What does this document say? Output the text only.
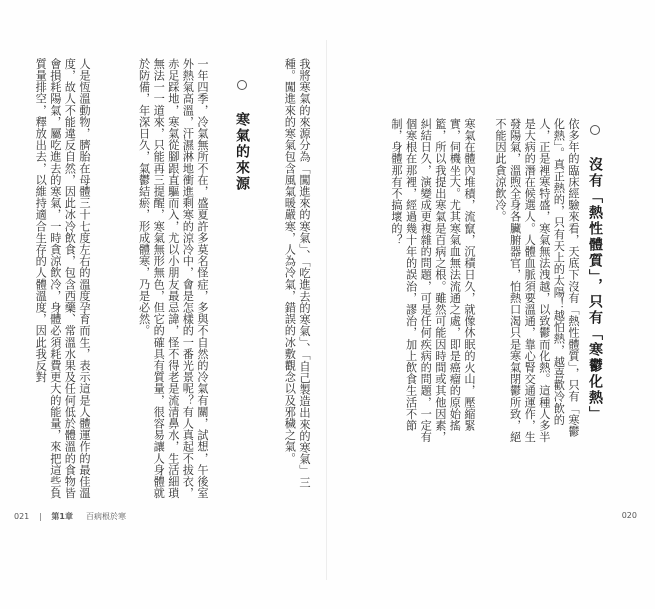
寒氣的來源	我將寒氣的來源分為「闖進來的寒氣」、「吃進去的寒氣」、「自己製造出來的寒氣」三種。闖進來的寒氣包含風氣暖嚴寒，人為冷氣，錯誤的冰敷觀念以及邪穢之氣。
一年四季，冷氣無所不在，盛夏許多莫名怪症，多與不自然的冷氣有關，試想，午後室外熱氣高溫，汗濕淋地衝進剩寒的涼冷中，會是怎樣的一番光景呢？有人真起不拔衣，赤足踩地，寒氣從腳跟直驅而入，尤以小朋友最忌諱，怪不得老是流清鼻水，生活細瑣無法一一道來，只能再三提醒，寒氣無形無色，但它的確具有質量，很容易讓人身體就於防備，年深日久，氣鬱結瘀，形成體寒，乃是必然。
人是恆溫動物，臍胎在母體三十七度左右的溫度孕育而生，表示這是人體運作的最佳溫度，故人不能違反自然，因此冰冷飲食，包含西藥、常溫水果及任何低於體溫的食物皆會損耗陽氣，屬吃進去的寒氣，一時貪涼飲冷，身體必須耗費更大的能量，來把這些負質量排空，釋放出去，以維持適合生存的人體溫度，因此我反對
021	第1章 百病根於寒
沒有「熱性體質」，只有「寒鬱化熱」
依多年的臨床經驗來看，天底下沒有「熱性體質」，只有「寒鬱化熱」。真正熱的，只有天上的太陽！越怕熱，越喜歡冷飲的人，正是裡寒特盛，寒氣無法洩越，以致鬱而化熱。這種人多半是大病的潛在候選人。人體血脈須要溫通，靠心腎交通運作，生發陽氣，溫煦全身各臟腑器官，怕熱口渴只是寒氣閉鬱所致，絕不能因此貪涼飲冷。
寒氣在體內堆積，流竄，沉積日久，就像休眠的火山，壓縮緊實，伺機坐大。尤其寒氣血無法流通之處，即是癌瘤的原始搖籃，所以我提出寒氣是百病之根。雖然可能因時間或其他因素，糾結日久，演變成更複雜的問題，可是任何疾病的問題，一定有個寒根在那裡，經過幾十年的誤治，謬治，加上飲食生活不節制，身體那有不搞壞的？
020
